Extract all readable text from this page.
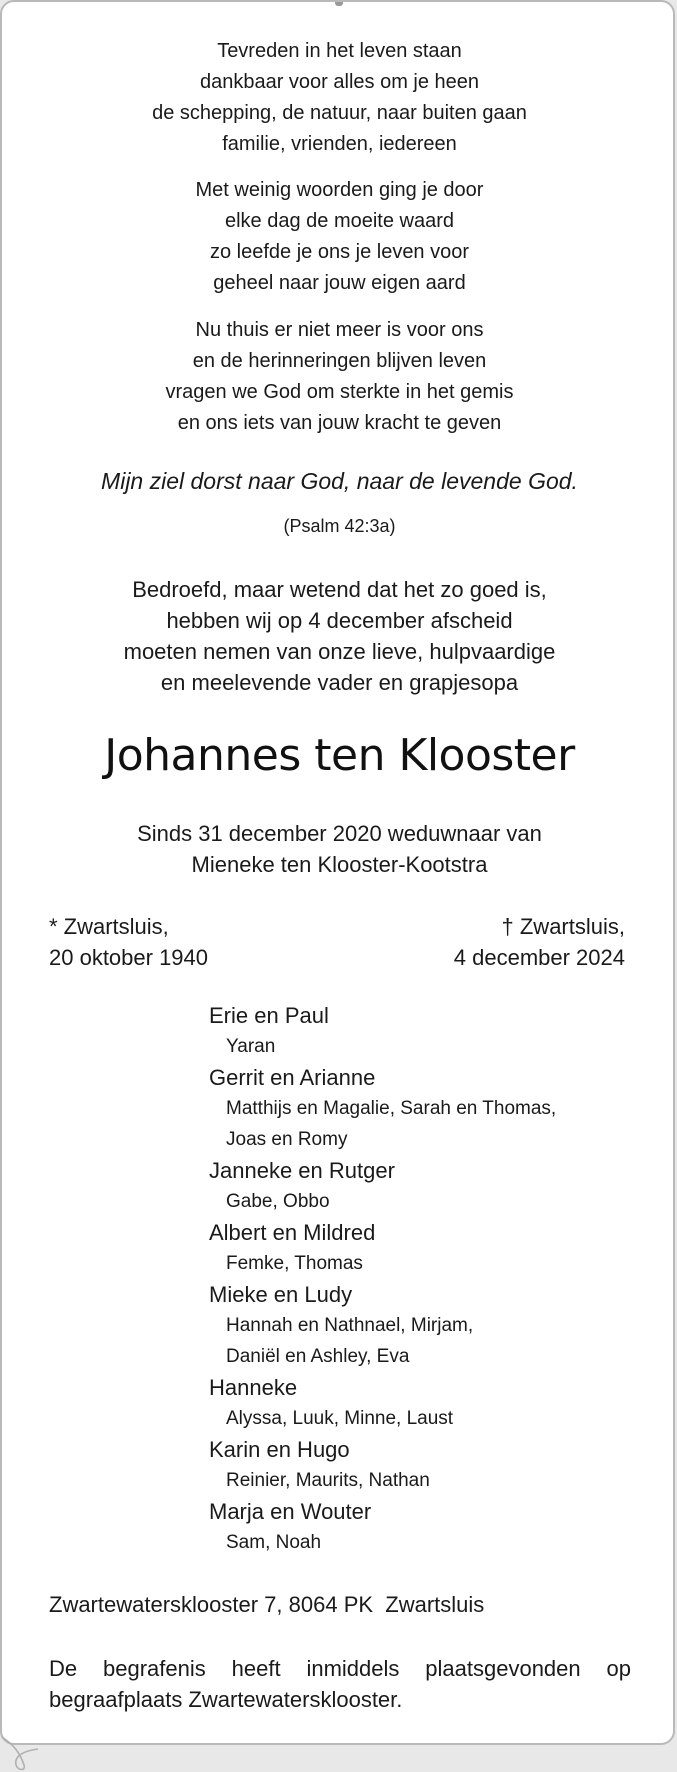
Tevreden in het leven staan
dankbaar voor alles om je heen
de schepping, de natuur, naar buiten gaan
familie, vrienden, iedereen
Met weinig woorden ging je door
elke dag de moeite waard
zo leefde je ons je leven voor
geheel naar jouw eigen aard
Nu thuis er niet meer is voor ons
en de herinneringen blijven leven
vragen we God om sterkte in het gemis
en ons iets van jouw kracht te geven
Mijn ziel dorst naar God, naar de levende God.
(Psalm 42:3a)
Bedroefd, maar wetend dat het zo goed is,
hebben wij op 4 december afscheid
moeten nemen van onze lieve, hulpvaardige
en meelevende vader en grapjesopa
Johannes ten Klooster
Sinds 31 december 2020 weduwnaar van
Mieneke ten Klooster-Kootstra
* Zwartsluis,
20 oktober 1940
† Zwartsluis,
4 december 2024
Erie en Paul
Yaran
Gerrit en Arianne
Matthijs en Magalie, Sarah en Thomas,
Joas en Romy
Janneke en Rutger
Gabe, Obbo
Albert en Mildred
Femke, Thomas
Mieke en Ludy
Hannah en Nathnael, Mirjam,
Daniël en Ashley, Eva
Hanneke
Alyssa, Luuk, Minne, Laust
Karin en Hugo
Reinier, Maurits, Nathan
Marja en Wouter
Sam, Noah
Zwartewatersklooster 7, 8064 PK  Zwartsluis
De begrafenis heeft inmiddels plaatsgevonden op
begraafplaats Zwartewatersklooster.
